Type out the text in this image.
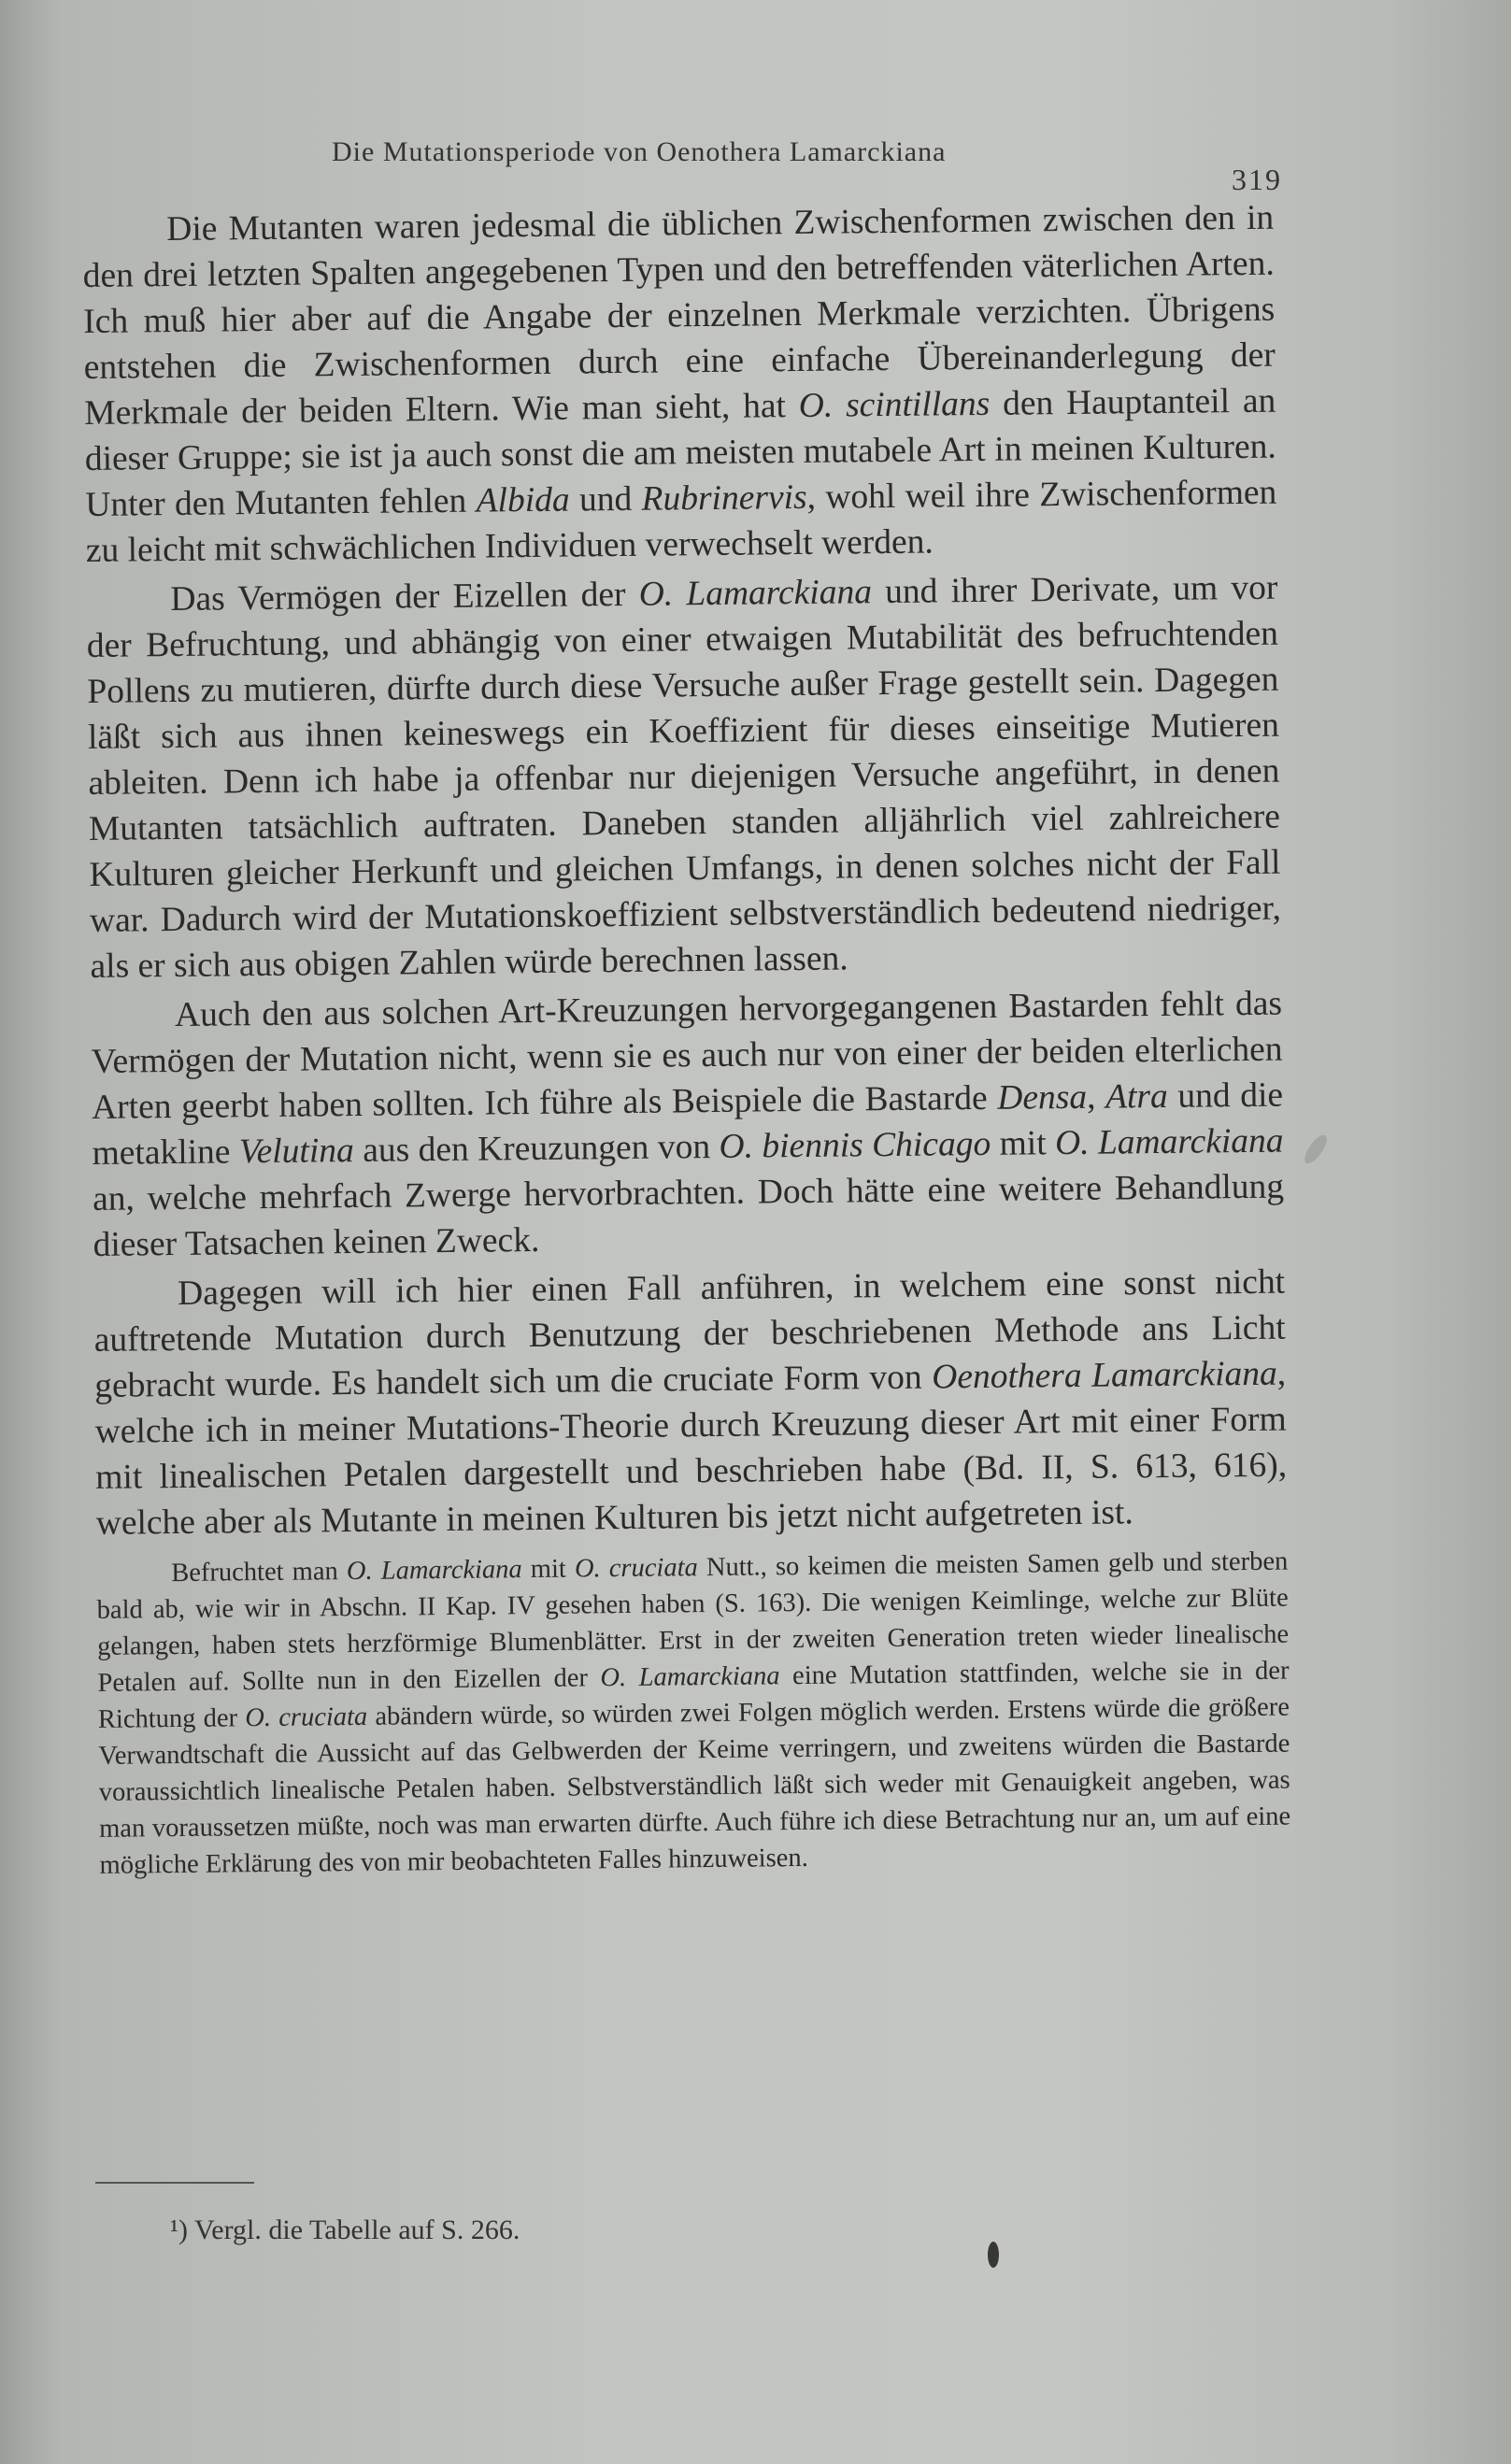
Die Mutationsperiode von Oenothera Lamarckiana
319

Die Mutanten waren jedesmal die üblichen Zwischenformen zwischen den in den drei letzten Spalten angegebenen Typen und den betreffenden väterlichen Arten. Ich muß hier aber auf die Angabe der einzelnen Merkmale verzichten. Übrigens entstehen die Zwischenformen durch eine einfache Übereinanderlegung der Merkmale der beiden Eltern. Wie man sieht, hat O. scintillans den Hauptanteil an dieser Gruppe; sie ist ja auch sonst die am meisten mutabele Art in meinen Kulturen. Unter den Mutanten fehlen Albida und Rubrinervis, wohl weil ihre Zwischenformen zu leicht mit schwächlichen Individuen verwechselt werden.

Das Vermögen der Eizellen der O. Lamarckiana und ihrer Derivate, um vor der Befruchtung, und abhängig von einer etwaigen Mutabilität des befruchtenden Pollens zu mutieren, dürfte durch diese Versuche außer Frage gestellt sein. Dagegen läßt sich aus ihnen keineswegs ein Koeffizient für dieses einseitige Mutieren ableiten. Denn ich habe ja offenbar nur diejenigen Versuche angeführt, in denen Mutanten tatsächlich auftraten. Daneben standen alljährlich viel zahlreichere Kulturen gleicher Herkunft und gleichen Umfangs, in denen solches nicht der Fall war. Dadurch wird der Mutationskoeffizient selbstverständlich bedeutend niedriger, als er sich aus obigen Zahlen würde berechnen lassen.

Auch den aus solchen Art-Kreuzungen hervorgegangenen Bastarden fehlt das Vermögen der Mutation nicht, wenn sie es auch nur von einer der beiden elterlichen Arten geerbt haben sollten. Ich führe als Beispiele die Bastarde Densa, Atra und die metakline Velutina aus den Kreuzungen von O. biennis Chicago mit O. Lamarckiana an, welche mehrfach Zwerge hervorbrachten. Doch hätte eine weitere Behandlung dieser Tatsachen keinen Zweck.

Dagegen will ich hier einen Fall anführen, in welchem eine sonst nicht auftretende Mutation durch Benutzung der beschriebenen Methode ans Licht gebracht wurde. Es handelt sich um die cruciate Form von Oenothera Lamarckiana, welche ich in meiner Mutations-Theorie durch Kreuzung dieser Art mit einer Form mit linealischen Petalen dargestellt und beschrieben habe (Bd. II, S. 613, 616), welche aber als Mutante in meinen Kulturen bis jetzt nicht aufgetreten ist.

Befruchtet man O. Lamarckiana mit O. cruciata Nutt., so keimen die meisten Samen gelb und sterben bald ab, wie wir in Abschn. II Kap. IV gesehen haben (S. 163). Die wenigen Keimlinge, welche zur Blüte gelangen, haben stets herzförmige Blumenblätter. Erst in der zweiten Generation treten wieder linealische Petalen auf. Sollte nun in den Eizellen der O. Lamarckiana eine Mutation stattfinden, welche sie in der Richtung der O. cruciata abändern würde, so würden zwei Folgen möglich werden. Erstens würde die größere Verwandtschaft die Aussicht auf das Gelbwerden der Keime verringern, und zweitens würden die Bastarde voraussichtlich linealische Petalen haben. Selbstverständlich läßt sich weder mit Genauigkeit angeben, was man voraussetzen müßte, noch was man erwarten dürfte. Auch führe ich diese Betrachtung nur an, um auf eine mögliche Erklärung des von mir beobachteten Falles hinzuweisen.

¹) Vergl. die Tabelle auf S. 266.
